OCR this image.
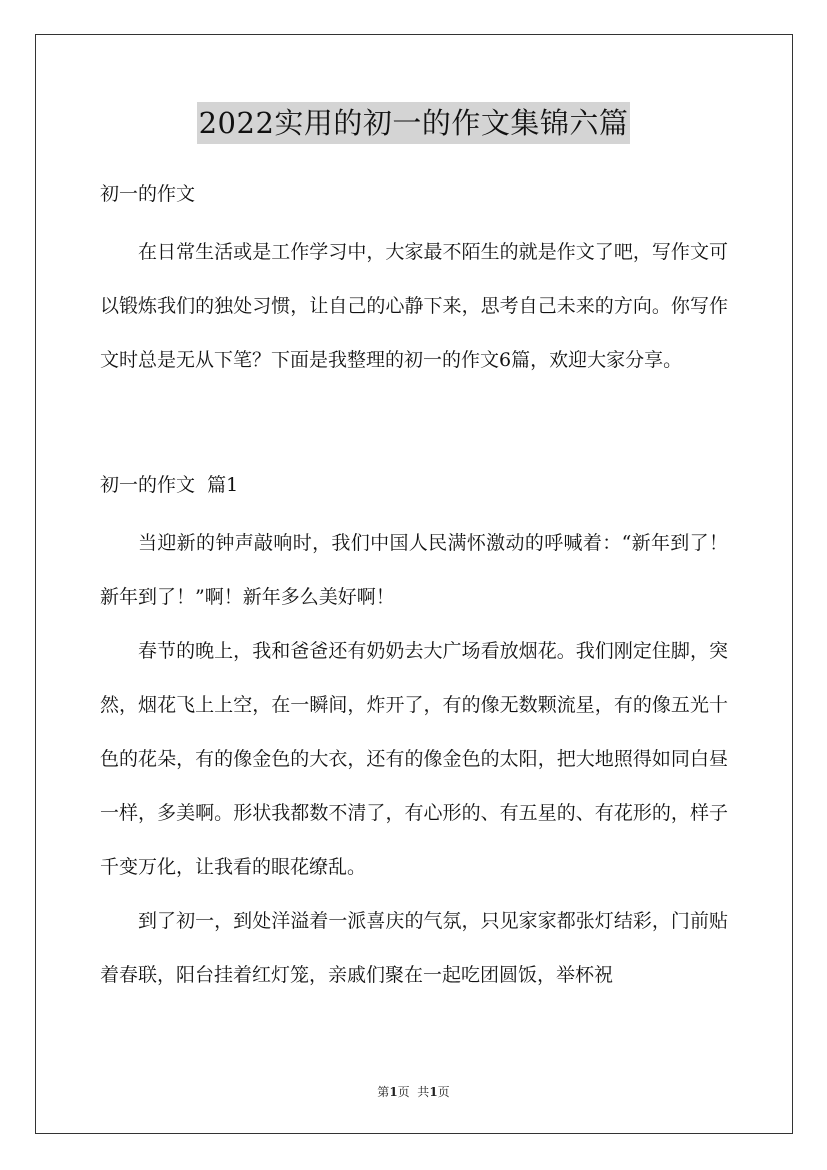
2022实用的初一的作文集锦六篇

初一的作文

在日常生活或是工作学习中，大家最不陌生的就是作文了吧，写作文可以锻炼我们的独处习惯，让自己的心静下来，思考自己未来的方向。你写作文时总是无从下笔？下面是我整理的初一的作文6篇，欢迎大家分享。

初一的作文  篇1

当迎新的钟声敲响时，我们中国人民满怀激动的呼喊着：“新年到了！新年到了！”啊！新年多么美好啊！

春节的晚上，我和爸爸还有奶奶去大广场看放烟花。我们刚定住脚，突然，烟花飞上上空，在一瞬间，炸开了，有的像无数颗流星，有的像五光十色的花朵，有的像金色的大衣，还有的像金色的太阳，把大地照得如同白昼一样，多美啊。形状我都数不清了，有心形的、有五星的、有花形的，样子千变万化，让我看的眼花缭乱。

到了初一，到处洋溢着一派喜庆的气氛，只见家家都张灯结彩，门前贴着春联，阳台挂着红灯笼，亲戚们聚在一起吃团圆饭，举杯祝

第1页  共1页
